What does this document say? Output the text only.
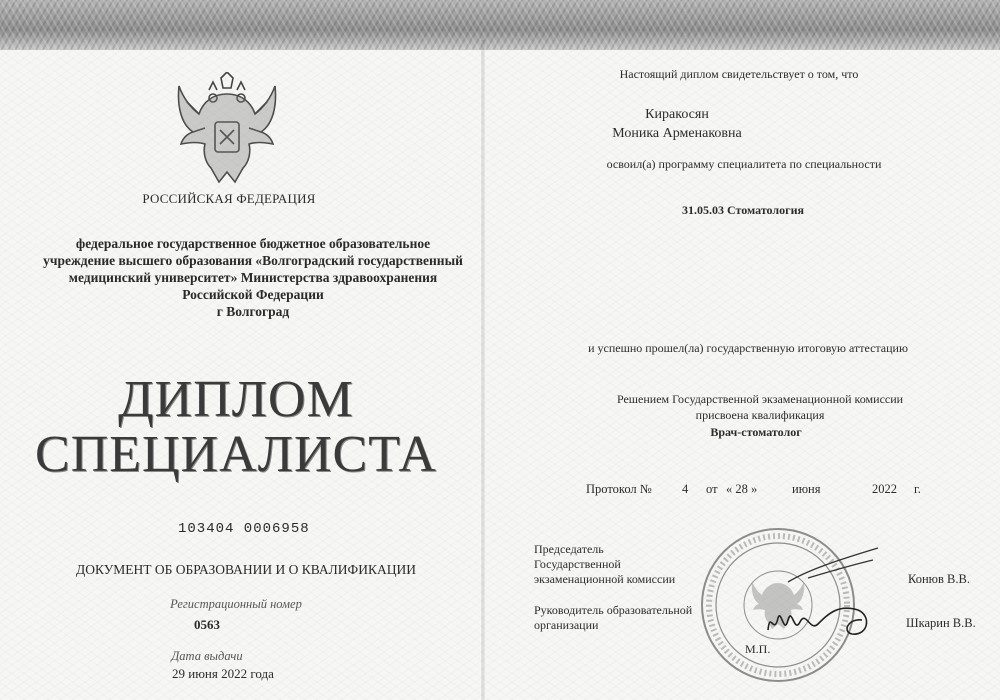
РОССИЙСКАЯ ФЕДЕРАЦИЯ
федеральное государственное бюджетное образовательное
учреждение высшего образования «Волгоградский государственный
медицинский университет» Министерства здравоохранения
Российской Федерации
г Волгоград
ДИПЛОМ
СПЕЦИАЛИСТА
103404 0006958
ДОКУМЕНТ ОБ ОБРАЗОВАНИИ И О КВАЛИФИКАЦИИ
Регистрационный номер
0563
Дата выдачи
29 июня 2022 года
Настоящий диплом свидетельствует о том, что
Киракосян
Моника Арменаковна
освоил(а) программу специалитета по специальности
31.05.03 Стоматология
и успешно прошел(ла) государственную итоговую аттестацию
Решением Государственной экзаменационной комиссии
присвоена квалификация
Врач-стоматолог
Протокол № 4 от « 28 »	июня	2022 г.
М.П.
Председатель
Государственной
экзаменационной комиссии	Конюв В.В.
Руководитель образовательной
организации	Шкарин В.В.
